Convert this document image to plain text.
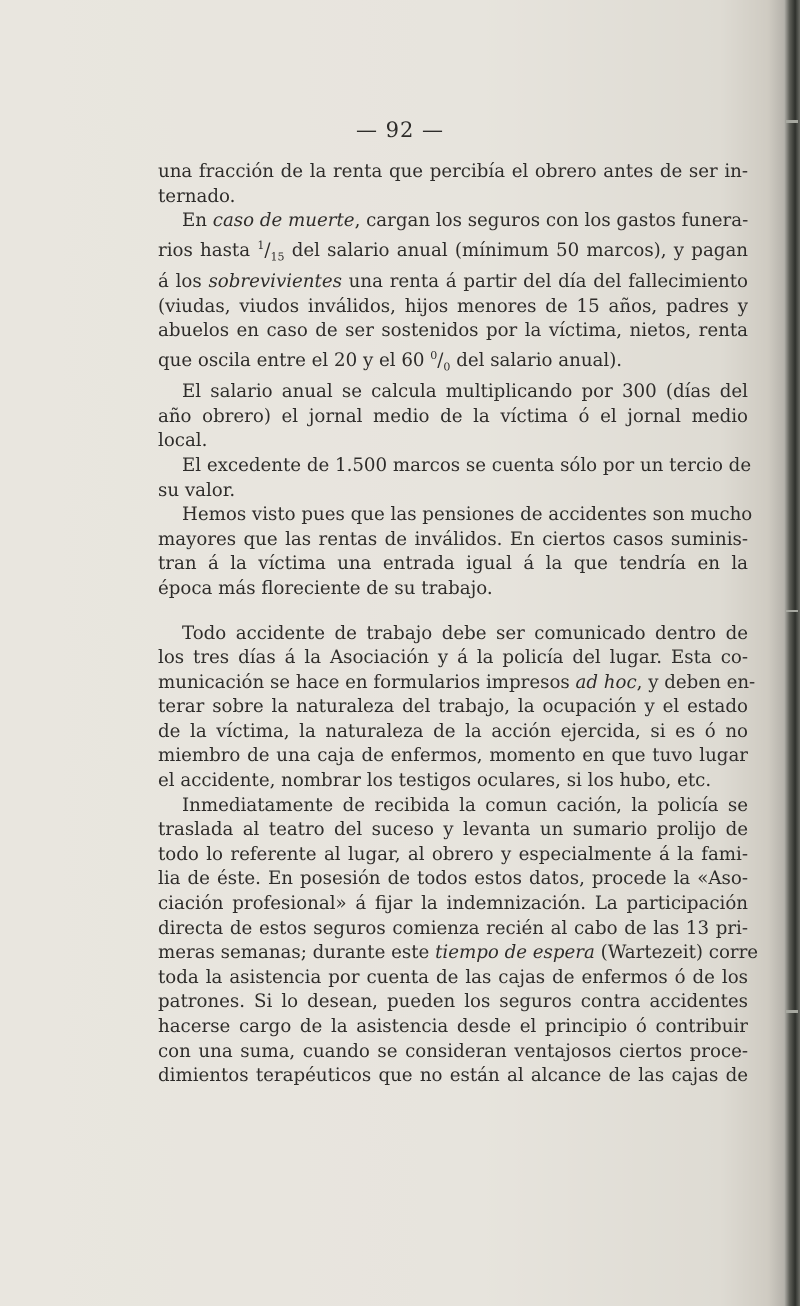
— 92 —
una fracción de la renta que percibía el obrero antes de ser in-
ternado.
En caso de muerte, cargan los seguros con los gastos funera-
rios hasta $^1/_{15}$ del salario anual (mínimum 50 marcos), y pagan
á los sobrevivientes una renta á partir del día del fallecimiento
(viudas, viudos inválidos, hijos menores de 15 años, padres y
abuelos en caso de ser sostenidos por la víctima, nietos, renta
que oscila entre el 20 y el 60 $^0/_0$ del salario anual).
El salario anual se calcula multiplicando por 300 (días del
año obrero) el jornal medio de la víctima ó el jornal medio
local.
El excedente de 1.500 marcos se cuenta sólo por un tercio de
su valor.
Hemos visto pues que las pensiones de accidentes son mucho
mayores que las rentas de inválidos. En ciertos casos suminis-
tran á la víctima una entrada igual á la que tendría en la
época más floreciente de su trabajo.
Todo accidente de trabajo debe ser comunicado dentro de
los tres días á la Asociación y á la policía del lugar. Esta co-
municación se hace en formularios impresos ad hoc, y deben en-
terar sobre la naturaleza del trabajo, la ocupación y el estado
de la víctima, la naturaleza de la acción ejercida, si es ó no
miembro de una caja de enfermos, momento en que tuvo lugar
el accidente, nombrar los testigos oculares, si los hubo, etc.
Inmediatamente de recibida la comun cación, la policía se
traslada al teatro del suceso y levanta un sumario prolijo de
todo lo referente al lugar, al obrero y especialmente á la fami-
lia de éste. En posesión de todos estos datos, procede la «Aso-
ciación profesional» á fijar la indemnización. La participación
directa de estos seguros comienza recién al cabo de las 13 pri-
meras semanas; durante este tiempo de espera (Wartezeit) corre
toda la asistencia por cuenta de las cajas de enfermos ó de los
patrones. Si lo desean, pueden los seguros contra accidentes
hacerse cargo de la asistencia desde el principio ó contribuir
con una suma, cuando se consideran ventajosos ciertos proce-
dimientos terapéuticos que no están al alcance de las cajas de
